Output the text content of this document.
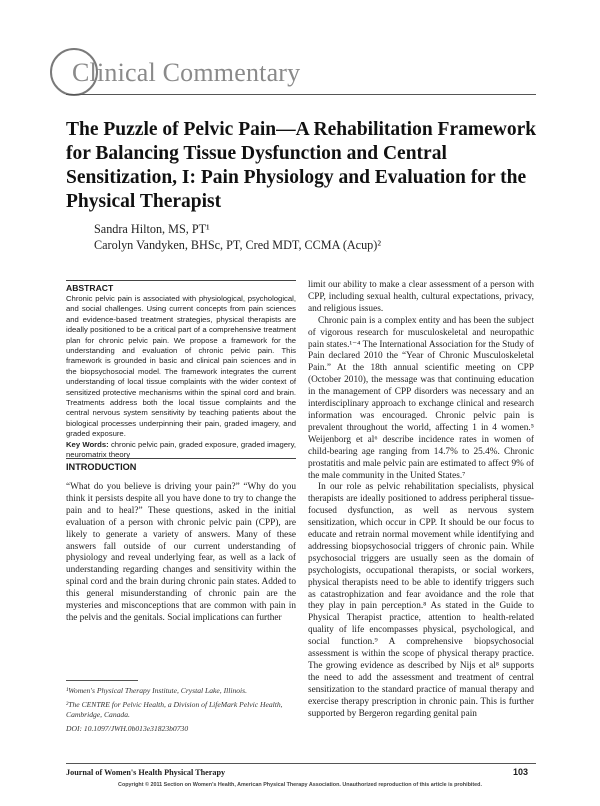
Clinical Commentary
The Puzzle of Pelvic Pain—A Rehabilitation Framework for Balancing Tissue Dysfunction and Central Sensitization, I: Pain Physiology and Evaluation for the Physical Therapist
Sandra Hilton, MS, PT¹
Carolyn Vandyken, BHSc, PT, Cred MDT, CCMA (Acup)²
ABSTRACT
Chronic pelvic pain is associated with physiological, psychological, and social challenges. Using current concepts from pain sciences and evidence-based treatment strategies, physical therapists are ideally positioned to be a critical part of a comprehensive treatment plan for chronic pelvic pain. We propose a framework for the understanding and evaluation of chronic pelvic pain. This framework is grounded in basic and clinical pain sciences and in the biopsychosocial model. The framework integrates the current understanding of local tissue complaints with the wider context of sensitized protective mechanisms within the spinal cord and brain. Treatments address both the local tissue complaints and the central nervous system sensitivity by teaching patients about the biological processes underpinning their pain, graded imagery, and graded exposure.
Key Words: chronic pelvic pain, graded exposure, graded imagery, neuromatrix theory
INTRODUCTION

“What do you believe is driving your pain?” “Why do you think it persists despite all you have done to try to change the pain and to heal?” These questions, asked in the initial evaluation of a person with chronic pelvic pain (CPP), are likely to generate a variety of answers. Many of these answers fall outside of our current understanding of physiology and reveal underlying fear, as well as a lack of understanding regarding changes and sensitivity within the spinal cord and the brain during chronic pain states. Added to this general misunderstanding of chronic pain are the mysteries and misconceptions that are common with pain in the pelvis and the genitals. Social implications can further

limit our ability to make a clear assessment of a person with CPP, including sexual health, cultural expectations, privacy, and religious issues.

Chronic pain is a complex entity and has been the subject of vigorous research for musculoskeletal and neuropathic pain states.¹⁻⁴ The International Association for the Study of Pain declared 2010 the “Year of Chronic Musculoskeletal Pain.” At the 18th annual scientific meeting on CPP (October 2010), the message was that continuing education in the management of CPP disorders was necessary and an interdisciplinary approach to exchange clinical and research information was encouraged. Chronic pelvic pain is prevalent throughout the world, affecting 1 in 4 women.⁵ Weijenborg et al⁶ describe incidence rates in women of child-bearing age ranging from 14.7% to 25.4%. Chronic prostatitis and male pelvic pain are estimated to affect 9% of the male community in the United States.⁷

In our role as pelvic rehabilitation specialists, physical therapists are ideally positioned to address peripheral tissue-focused dysfunction, as well as nervous system sensitization, which occur in CPP. It should be our focus to educate and retrain normal movement while identifying and addressing biopsychosocial triggers of chronic pain. While psychosocial triggers are usually seen as the domain of psychologists, occupational therapists, or social workers, physical therapists need to be able to identify triggers such as catastrophization and fear avoidance and the role that they play in pain perception.⁸ As stated in the Guide to Physical Therapist practice, attention to health-related quality of life encompasses physical, psychological, and social function.⁹ A comprehensive biopsychosocial assessment is within the scope of physical therapy practice. The growing evidence as described by Nijs et al⁸ supports the need to add the assessment and treatment of central sensitization to the standard practice of manual therapy and exercise therapy prescription in chronic pain. This is further supported by Bergeron regarding genital pain

¹Women's Physical Therapy Institute, Crystal Lake, Illinois.
²The CENTRE for Pelvic Health, a Division of LifeMark Pelvic Health, Cambridge, Canada.
DOI: 10.1097/JWH.0b013e31823b0730
Journal of Women's Health Physical Therapy	103
Copyright © 2011 Section on Women's Health, American Physical Therapy Association. Unauthorized reproduction of this article is prohibited.
